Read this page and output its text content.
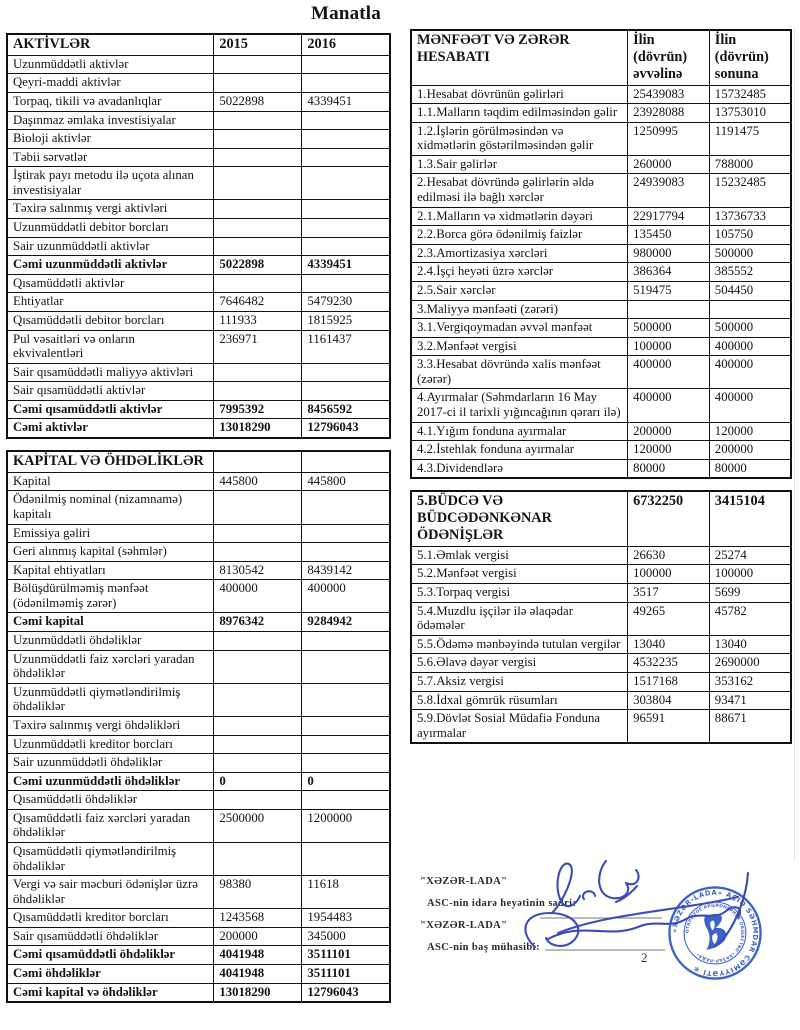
Manatla
AKTİVLƏR	2015	2016
Uzunmüddətli aktivlər		
Qeyri-maddi aktivlər		
Torpaq, tikili və avadanlıqlar	5022898	4339451
Daşınmaz əmlaka investisiyalar		
Bioloji aktivlər		
Təbii sərvətlər		
İştirak payı metodu ilə uçota alınan investisiyalar		
Təxirə salınmış vergi aktivləri		
Uzunmüddətli debitor borcları		
Sair uzunmüddətli aktivlər		
Cəmi uzunmüddətli aktivlər	5022898	4339451
Qısamüddətli aktivlər		
Ehtiyatlar	7646482	5479230
Qısamüddətli debitor borcları	111933	1815925
Pul vəsaitləri və onların ekvivalentləri	236971	1161437
Sair qısamüddətli maliyyə aktivləri		
Sair qısamüddətli aktivlər		
Cəmi qısamüddətli aktivlər	7995392	8456592
Cəmi aktivlər	13018290	12796043
KAPİTAL VƏ ÖHDƏLİKLƏR		
Kapital	445800	445800
Ödənilmiş nominal (nizamnamə) kapitalı		
Emissiya gəliri		
Geri alınmış kapital (səhmlər)		
Kapital ehtiyatları	8130542	8439142
Bölüşdürülməmiş mənfəət (ödənilməmiş zərər)	400000	400000
Cəmi kapital	8976342	9284942
Uzunmüddətli öhdəliklər		
Uzunmüddətli faiz xərcləri yaradan öhdəliklər		
Uzunmüddətli qiymətləndirilmiş öhdəliklər		
Təxirə salınmış vergi öhdəlikləri		
Uzunmüddətli kreditor borcları		
Sair uzunmüddətli öhdəliklər		
Cəmi uzunmüddətli öhdəliklər	0	0
Qısamüddətli öhdəliklər		
Qısamüddətli faiz xərcləri yaradan öhdəliklər	2500000	1200000
Qısamüddətli qiymətləndirilmiş öhdəliklər		
Vergi və sair məcburi ödənişlər üzrə öhdəliklər	98380	11618
Qısamüddətli kreditor borcları	1243568	1954483
Sair qısamüddətli öhdəliklər	200000	345000
Cəmi qısamüddətli öhdəliklər	4041948	3511101
Cəmi öhdəliklər	4041948	3511101
Cəmi kapital və öhdəliklər	13018290	12796043
MƏNFƏƏT VƏ ZƏRƏR HESABATI	İlin (dövrün) əvvəlinə	İlin (dövrün) sonuna
1.Hesabat dövrünün gəlirləri	25439083	15732485
1.1.Malların təqdim edilməsindən gəlir	23928088	13753010
1.2.İşlərin görülməsindən və xidmətlərin göstərilməsindən gəlir	1250995	1191475
1.3.Sair gəlirlər	260000	788000
2.Hesabat dövründə gəlirlərin əldə edilməsi ilə bağlı xərclər	24939083	15232485
2.1.Malların və xidmətlərin dəyəri	22917794	13736733
2.2.Borca görə ödənilmiş faizlər	135450	105750
2.3.Amortizasiya xərcləri	980000	500000
2.4.İşçi heyəti üzrə xərclər	386364	385552
2.5.Sair xərclər	519475	504450
3.Maliyyə mənfəəti (zərəri)		
3.1.Vergiqoymadan əvvəl mənfəət	500000	500000
3.2.Mənfəət vergisi	100000	400000
3.3.Hesabat dövründə xalis mənfəət (zərər)	400000	400000
4.Ayırmalar (Səhmdarların 16 May 2017-ci il tarixli yığıncağının qərarı ilə)	400000	400000
4.1.Yığım fonduna ayırmalar	200000	120000
4.2.İstehlak fonduna ayırmalar	120000	200000
4.3.Dividendlərə	80000	80000
5.BÜDCƏ VƏ BÜDCƏDƏNKƏNAR ÖDƏNİŞLƏR	6732250	3415104
5.1.Əmlak vergisi	26630	25274
5.2.Mənfəət vergisi	100000	100000
5.3.Torpaq vergisi	3517	5699
5.4.Muzdlu işçilər ilə əlaqədar ödəmələr	49265	45782
5.5.Ödəmə mənbəyində tutulan vergilər	13040	13040
5.6.Əlavə dəyər vergisi	4532235	2690000
5.7.Aksiz vergisi	1517168	353162
5.8.İdxal gömrük rüsumları	303804	93471
5.9.Dövlət Sosial Müdafiə Fonduna ayırmalar	96591	88671
"XƏZƏR-LADA"
ASC-nin idarə heyətinin sədri:
"XƏZƏR-LADA"
ASC-nin baş mühasibi:
2
«XƏZƏR-LADA» AÇIQ SƏHMDAR CƏMİYYƏTİ ✻
ОТКРЫТОЕ АКЦИОНЕРНОЕ ОБЩЕСТВО «ХАЗАР-ЛАДА»
